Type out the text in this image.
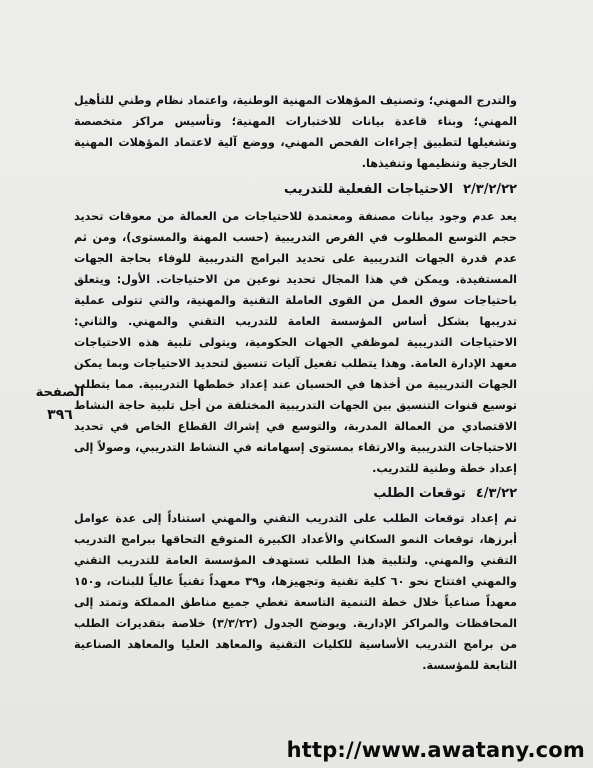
والتدرج المهني؛ وتصنيف المؤهلات المهنية الوطنية، واعتماد نظام وطني للتأهيل المهني؛ وبناء قاعدة بيانات للاختبارات المهنية؛ وتأسيس مراكز متخصصة وتشغيلها لتطبيق إجراءات الفحص المهني، ووضع آلية لاعتماد المؤهلات المهنية الخارجية وتنظيمها وتنفيذها.

٢/٣/٢/٢٢
الاحتياجات الفعلية للتدريب

يعد عدم وجود بيانات مصنفة ومعتمدة للاحتياجات من العمالة من معوقات تحديد حجم التوسع المطلوب في الفرص التدريبية (حسب المهنة والمستوى)، ومن ثم عدم قدرة الجهات التدريبية على تحديد البرامج التدريبية للوفاء بحاجة الجهات المستفيدة. ويمكن في هذا المجال تحديد نوعين من الاحتياجات. الأول: ويتعلق باحتياجات سوق العمل من القوى العاملة التقنية والمهنية، والتي تتولى عملية تدريبها بشكل أساس المؤسسة العامة للتدريب التقني والمهني. والثاني: الاحتياجات التدريبية لموظفي الجهات الحكومية، ويتولى تلبية هذه الاحتياجات معهد الإدارة العامة. وهذا يتطلب تفعيل آليات تنسيق لتحديد الاحتياجات وبما يمكن الجهات التدريبية من أخذها في الحسبان عند إعداد خططها التدريبية. مما يتطلب توسيع قنوات التنسيق بين الجهات التدريبية المختلفة من أجل تلبية حاجة النشاط الاقتصادي من العمالة المدربة، والتوسع في إشراك القطاع الخاص في تحديد الاحتياجات التدريبية والارتقاء بمستوى إسهاماته في النشاط التدريبي، وصولاً إلى إعداد خطة وطنية للتدريب.

الصفحة
٣٩٦
٤/٣/٢٢
توقعات الطلب

تم إعداد توقعات الطلب على التدريب التقني والمهني استناداً إلى عدة عوامل أبرزها، توقعات النمو السكاني والأعداد الكبيرة المتوقع التحاقها ببرامج التدريب التقني والمهني. ولتلبية هذا الطلب تستهدف المؤسسة العامة للتدريب التقني والمهني افتتاح نحو ٦٠ كلية تقنية وتجهيزها، و٣٩ معهداً تقنياً عالياً للبنات، و١٥٠ معهداً صناعياً خلال خطة التنمية التاسعة تغطي جميع مناطق المملكة وتمتد إلى المحافظات والمراكز الإدارية. ويوضح الجدول (٣/٣/٢٢) خلاصة بتقديرات الطلب من برامج التدريب الأساسية للكليات التقنية والمعاهد العليا والمعاهد الصناعية التابعة للمؤسسة.

http://www.awatany.com
